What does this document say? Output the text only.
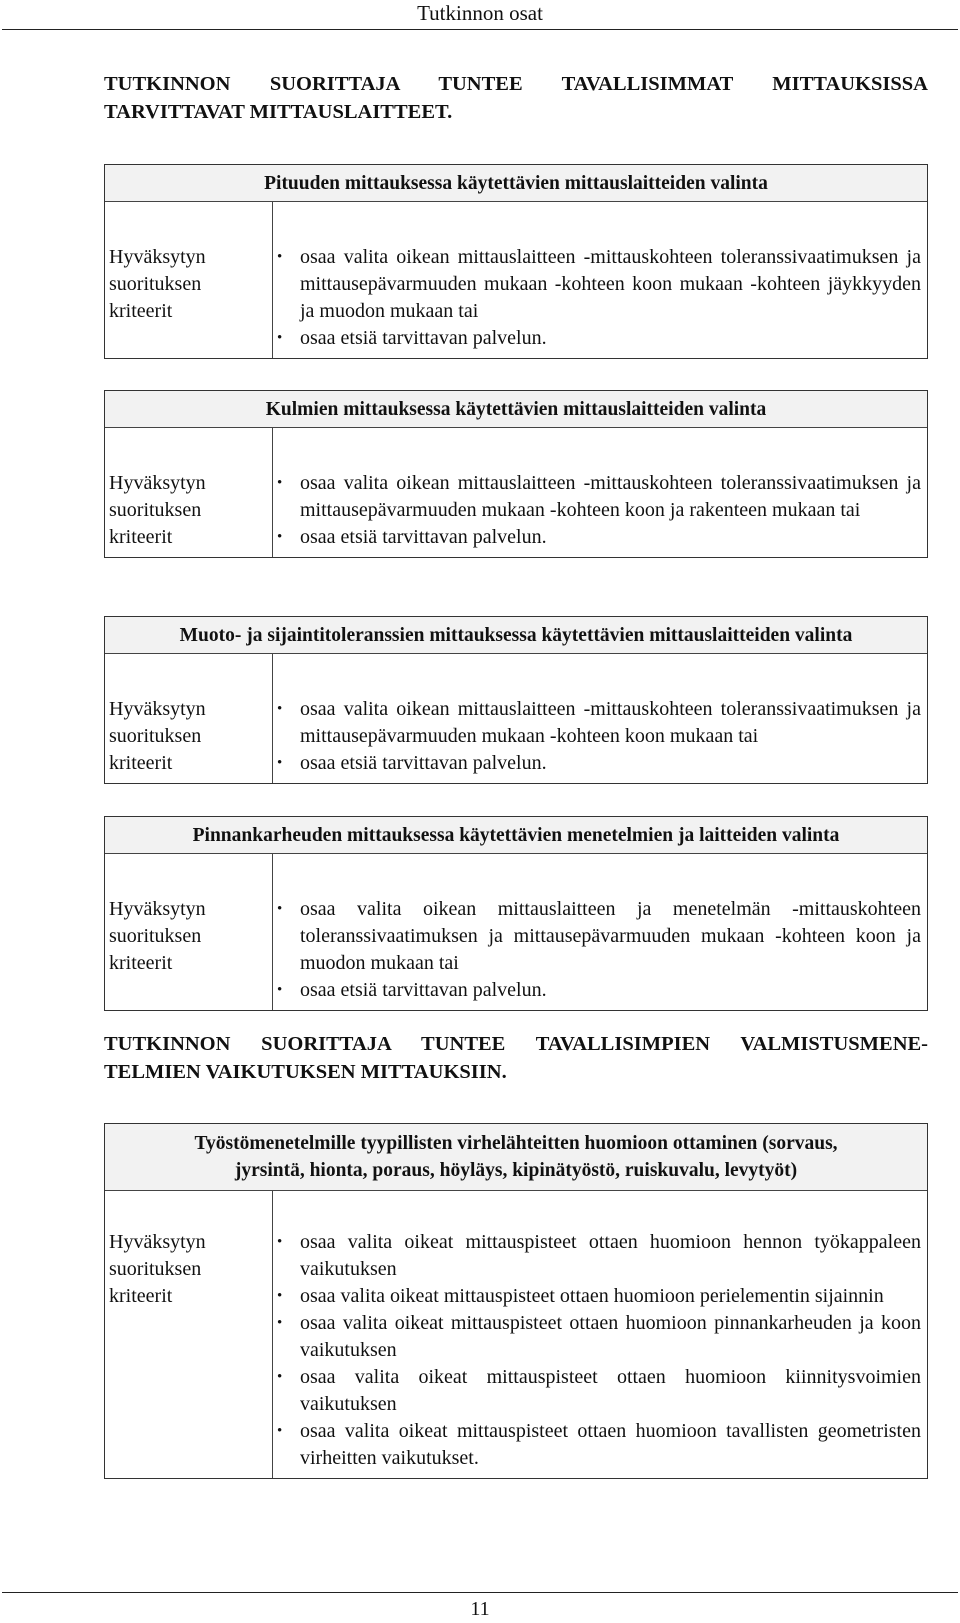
Tutkinnon osat
TUTKINNON SUORITTAJA TUNTEE TAVALLISIMMAT MITTAUKSISSA
TARVITTAVAT MITTAUSLAITTEET.
Pituuden mittauksessa käytettävien mittauslaitteiden valinta
Hyväksytyn suorituksen kriteerit
• osaa valita oikean mittauslaitteen -mittauskohteen toleranssivaatimuksen ja mittausepävarmuuden mukaan -kohteen koon mukaan -kohteen jäykkyyden ja muodon mukaan tai
• osaa etsiä tarvittavan palvelun.
Kulmien mittauksessa käytettävien mittauslaitteiden valinta
Hyväksytyn suorituksen kriteerit
• osaa valita oikean mittauslaitteen -mittauskohteen toleranssivaatimuksen ja mittausepävarmuuden mukaan -kohteen koon ja rakenteen mukaan tai
• osaa etsiä tarvittavan palvelun.
Muoto- ja sijaintitoleranssien mittauksessa käytettävien mittauslaitteiden valinta
Hyväksytyn suorituksen kriteerit
• osaa valita oikean mittauslaitteen -mittauskohteen toleranssivaatimuksen ja mittausepävarmuuden mukaan -kohteen koon mukaan tai
• osaa etsiä tarvittavan palvelun.
Pinnankarheuden mittauksessa käytettävien menetelmien ja laitteiden valinta
Hyväksytyn suorituksen kriteerit
• osaa valita oikean mittauslaitteen ja menetelmän -mittauskohteen toleranssivaatimuksen ja mittausepävarmuuden mukaan -kohteen koon ja muodon mukaan tai
• osaa etsiä tarvittavan palvelun.
TUTKINNON SUORITTAJA TUNTEE TAVALLISIMPIEN VALMISTUSMENE-
TELMIEN VAIKUTUKSEN MITTAUKSIIN.
Työstömenetelmille tyypillisten virhelähteitten huomioon ottaminen (sorvaus, jyrsintä, hionta, poraus, höyläys, kipinätyöstö, ruiskuvalu, levytyöt)
Hyväksytyn suorituksen kriteerit
• osaa valita oikeat mittauspisteet ottaen huomioon hennon työkappaleen vaikutuksen
• osaa valita oikeat mittauspisteet ottaen huomioon perielementin sijainnin
• osaa valita oikeat mittauspisteet ottaen huomioon pinnankarheuden ja koon vaikutuksen
• osaa valita oikeat mittauspisteet ottaen huomioon kiinnitysvoimien vaikutuksen
• osaa valita oikeat mittauspisteet ottaen huomioon tavallisten geometristen virheitten vaikutukset.
11
